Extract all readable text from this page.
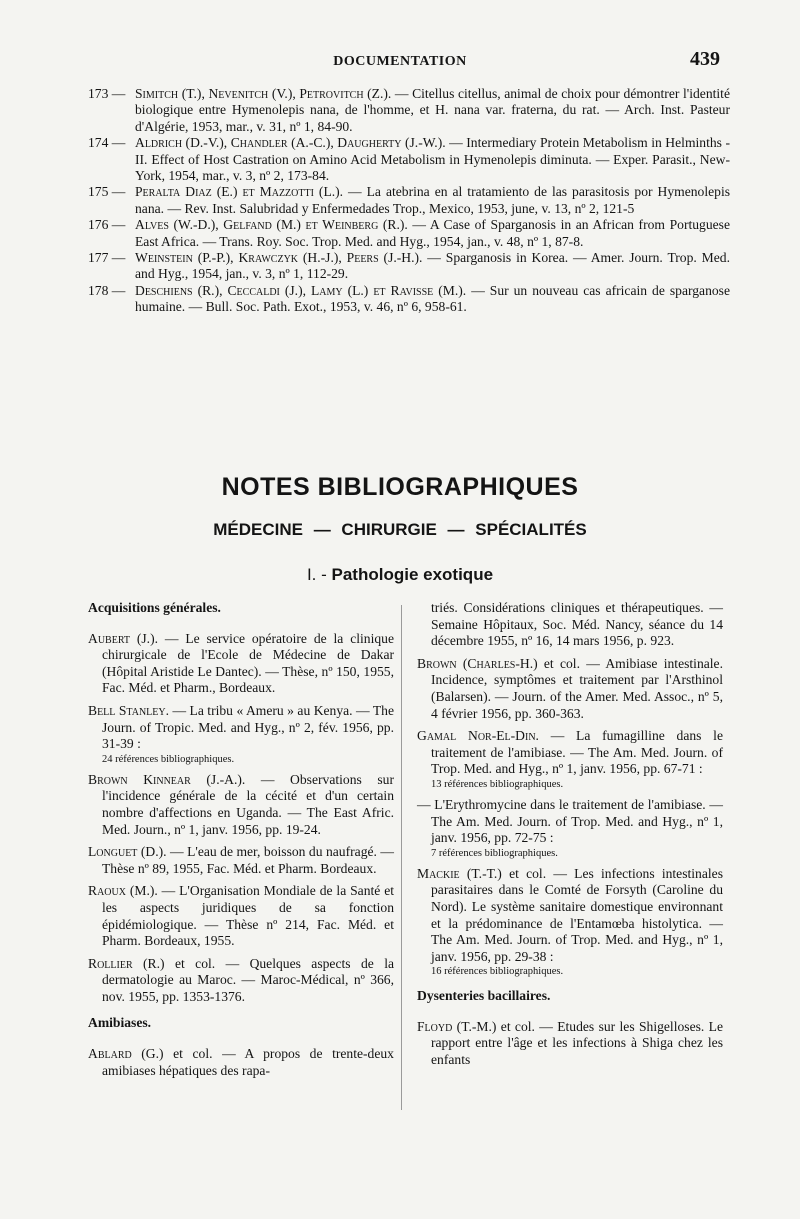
DOCUMENTATION	439
173 — Simitch (T.), Nevenitch (V.), Petrovitch (Z.). — Citellus citellus, animal de choix pour démontrer l'identité biologique entre Hymenolepis nana, de l'homme, et H. nana var. fraterna, du rat. — Arch. Inst. Pasteur d'Algérie, 1953, mar., v. 31, nº 1, 84-90.
174 — Aldrich (D.-V.), Chandler (A.-C.), Daugherty (J.-W.). — Intermediary Protein Metabolism in Helminths - II. Effect of Host Castration on Amino Acid Metabolism in Hymenolepis diminuta. — Exper. Parasit., New-York, 1954, mar., v. 3, nº 2, 173-84.
175 — Peralta Diaz (E.) et Mazzotti (L.). — La atebrina en al tratamiento de las parasitosis por Hymenolepis nana. — Rev. Inst. Salubridad y Enfermedades Trop., Mexico, 1953, june, v. 13, nº 2, 121-5
176 — Alves (W.-D.), Gelfand (M.) et Weinberg (R.). — A Case of Sparganosis in an African from Portuguese East Africa. — Trans. Roy. Soc. Trop. Med. and Hyg., 1954, jan., v. 48, nº 1, 87-8.
177 — Weinstein (P.-P.), Krawczyk (H.-J.), Peers (J.-H.). — Sparganosis in Korea. — Amer. Journ. Trop. Med. and Hyg., 1954, jan., v. 3, nº 1, 112-29.
178 — Deschiens (R.), Ceccaldi (J.), Lamy (L.) et Ravisse (M.). — Sur un nouveau cas africain de sparganose humaine. — Bull. Soc. Path. Exot., 1953, v. 46, nº 6, 958-61.
NOTES BIBLIOGRAPHIQUES
MÉDECINE — CHIRURGIE — SPÉCIALITÉS
I. - Pathologie exotique
Acquisitions générales.
Aubert (J.). — Le service opératoire de la clinique chirurgicale de l'Ecole de Médecine de Dakar (Hôpital Aristide Le Dantec). — Thèse, nº 150, 1955, Fac. Méd. et Pharm., Bordeaux.
Bell Stanley. — La tribu « Ameru » au Kenya. — The Journ. of Tropic. Med. and Hyg., nº 2, fév. 1956, pp. 31-39 :
24 références bibliographiques.
Brown Kinnear (J.-A.). — Observations sur l'incidence générale de la cécité et d'un certain nombre d'affections en Uganda. — The East Afric. Med. Journ., nº 1, janv. 1956, pp. 19-24.
Longuet (D.). — L'eau de mer, boisson du naufragé. — Thèse nº 89, 1955, Fac. Méd. et Pharm. Bordeaux.
Raoux (M.). — L'Organisation Mondiale de la Santé et les aspects juridiques de sa fonction épidémiologique. — Thèse nº 214, Fac. Méd. et Pharm. Bordeaux, 1955.
Rollier (R.) et col. — Quelques aspects de la dermatologie au Maroc. — Maroc-Médical, nº 366, nov. 1955, pp. 1353-1376.
Amibiases.
Ablard (G.) et col. — A propos de trente-deux amibiases hépatiques des rapa-
triés. Considérations cliniques et thérapeutiques. — Semaine Hôpitaux, Soc. Méd. Nancy, séance du 14 décembre 1955, nº 16, 14 mars 1956, p. 923.
Brown (Charles-H.) et col. — Amibiase intestinale. Incidence, symptômes et traitement par l'Arsthinol (Balarsen). — Journ. of the Amer. Med. Assoc., nº 5, 4 février 1956, pp. 360-363.
Gamal Nor-El-Din. — La fumagilline dans le traitement de l'amibiase. — The Am. Med. Journ. of Trop. Med. and Hyg., nº 1, janv. 1956, pp. 67-71 :
13 références bibliographiques.
— L'Erythromycine dans le traitement de l'amibiase. — The Am. Med. Journ. of Trop. Med. and Hyg., nº 1, janv. 1956, pp. 72-75 :
7 références bibliographiques.
Mackie (T.-T.) et col. — Les infections intestinales parasitaires dans le Comté de Forsyth (Caroline du Nord). Le système sanitaire domestique environnant et la prédominance de l'Entamœba histolytica. — The Am. Med. Journ. of Trop. Med. and Hyg., nº 1, janv. 1956, pp. 29-38 :
16 références bibliographiques.
Dysenteries bacillaires.
Floyd (T.-M.) et col. — Etudes sur les Shigelloses. Le rapport entre l'âge et les infections à Shiga chez les enfants
